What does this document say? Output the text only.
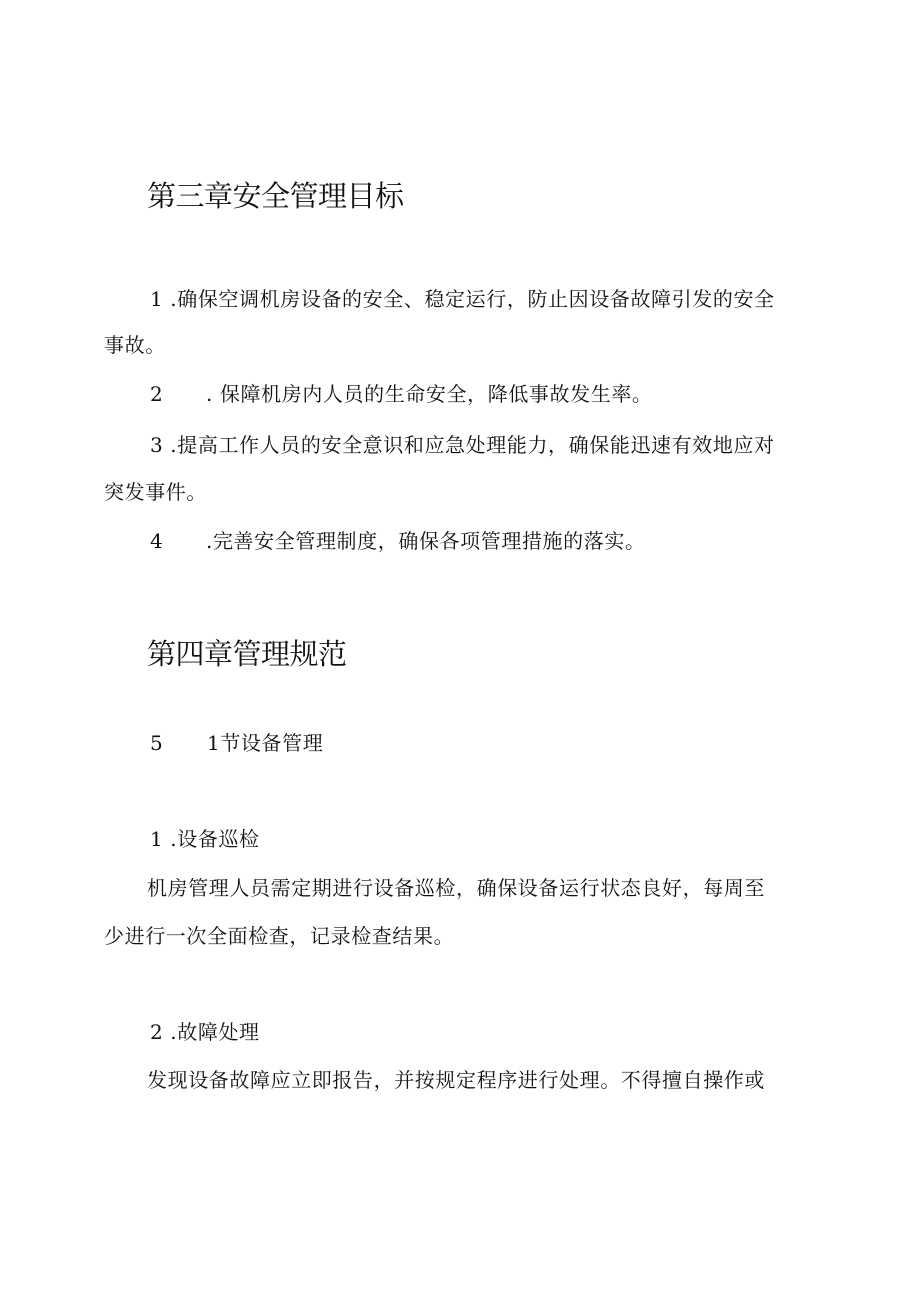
第三章安全管理目标

1 .确保空调机房设备的安全、稳定运行，防止因设备故障引发的安全

事故。

2 . 保障机房内人员的生命安全，降低事故发生率。

3 .提高工作人员的安全意识和应急处理能力，确保能迅速有效地应对

突发事件。

4 .完善安全管理制度，确保各项管理措施的落实。

第四章管理规范

5 1节设备管理

1 .设备巡检

机房管理人员需定期进行设备巡检，确保设备运行状态良好，每周至

少进行一次全面检查，记录检查结果。

2 .故障处理

发现设备故障应立即报告，并按规定程序进行处理。不得擅自操作或
